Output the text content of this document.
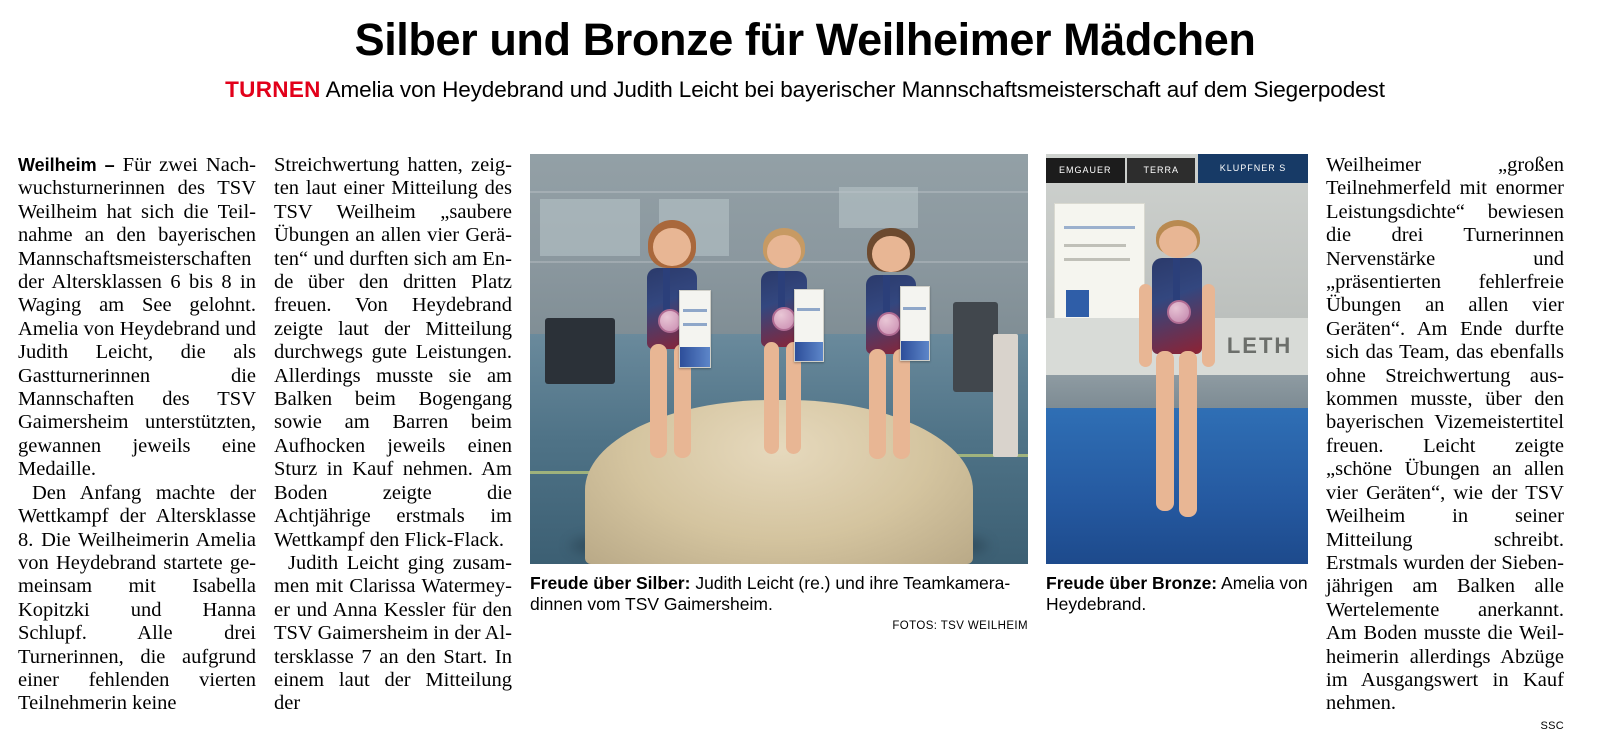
Silber und Bronze für Weilheimer Mädchen
TURNEN Amelia von Heydebrand und Judith Leicht bei bayerischer Mannschaftsmeisterschaft auf dem Siegerpodest

Weilheim – Für zwei Nachwuchsturnerinnen des TSV Weilheim hat sich die Teilnahme an den bayerischen Mannschaftsmeisterschaften der Altersklassen 6 bis 8 in Waging am See gelohnt. Amelia von Heydebrand und Judith Leicht, die als Gastturnerinnen die Mannschaften des TSV Gaimersheim unterstützten, gewannen jeweils eine Medaille.

Den Anfang machte der Wettkampf der Altersklasse 8. Die Weilheimerin Amelia von Heydebrand startete gemeinsam mit Isabella Kopitzki und Hanna Schlupf. Alle drei Turnerinnen, die aufgrund einer fehlenden vierten Teilnehmerin keine

Streichwertung hatten, zeigten laut einer Mitteilung des TSV Weilheim „saubere Übungen an allen vier Geräten“ und durften sich am Ende über den dritten Platz freuen. Von Heydebrand zeigte laut der Mitteilung durchwegs gute Leistungen. Allerdings musste sie am Balken beim Bogengang sowie am Barren beim Aufhocken jeweils einen Sturz in Kauf nehmen. Am Boden zeigte die Achtjährige erstmals im Wettkampf den Flick-Flack.

Judith Leicht ging zusammen mit Clarissa Watermeyer und Anna Kessler für den TSV Gaimersheim in der Altersklasse 7 an den Start. In einem laut der Mitteilung der

Freude über Silber: Judith Leicht (re.) und ihre Teamkameradinnen vom TSV Gaimersheim.
FOTOS: TSV WEILHEIM
EMGAUER	TERRA	KLUPFNER S
LETH
Freude über Bronze: Amelia von Heydebrand.

Weilheimer „großen Teilnehmerfeld mit enormer Leistungsdichte“ bewiesen die drei Turnerinnen Nervenstärke und „präsentierten fehlerfreie Übungen an allen vier Geräten“. Am Ende durfte sich das Team, das ebenfalls ohne Streichwertung auskommen musste, über den bayerischen Vizemeistertitel freuen. Leicht zeigte „schöne Übungen an allen vier Geräten“, wie der TSV Weilheim in seiner Mitteilung schreibt. Erstmals wurden der Siebenjährigen am Balken alle Wertelemente anerkannt. Am Boden musste die Weilheimerin allerdings Abzüge im Ausgangswert in Kauf nehmen.

SSC
